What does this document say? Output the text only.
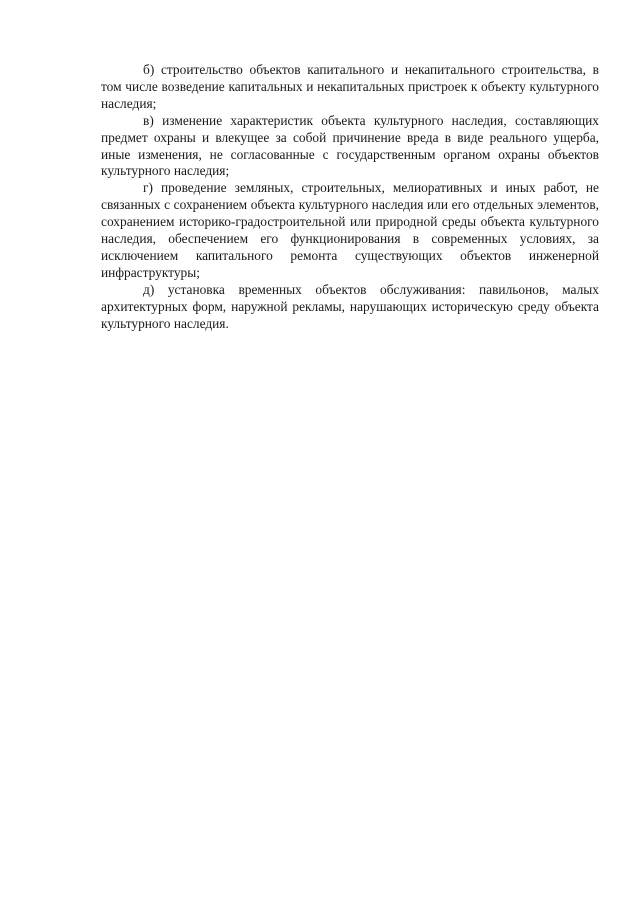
б) строительство объектов капитального и некапитального строительства, в том числе возведение капитальных и некапитальных пристроек к объекту культурного наследия;

в) изменение характеристик объекта культурного наследия, составляющих предмет охраны и влекущее за собой причинение вреда в виде реального ущерба, иные изменения, не согласованные с государственным органом охраны объектов культурного наследия;

г) проведение земляных, строительных, мелиоративных и иных работ, не связанных с сохранением объекта культурного наследия или его отдельных элементов, сохранением историко-градостроительной или природной среды объекта культурного наследия, обеспечением его функционирования в современных условиях, за исключением капитального ремонта существующих объектов инженерной инфраструктуры;

д) установка временных объектов обслуживания: павильонов, малых архитектурных форм, наружной рекламы, нарушающих историческую среду объекта культурного наследия.
